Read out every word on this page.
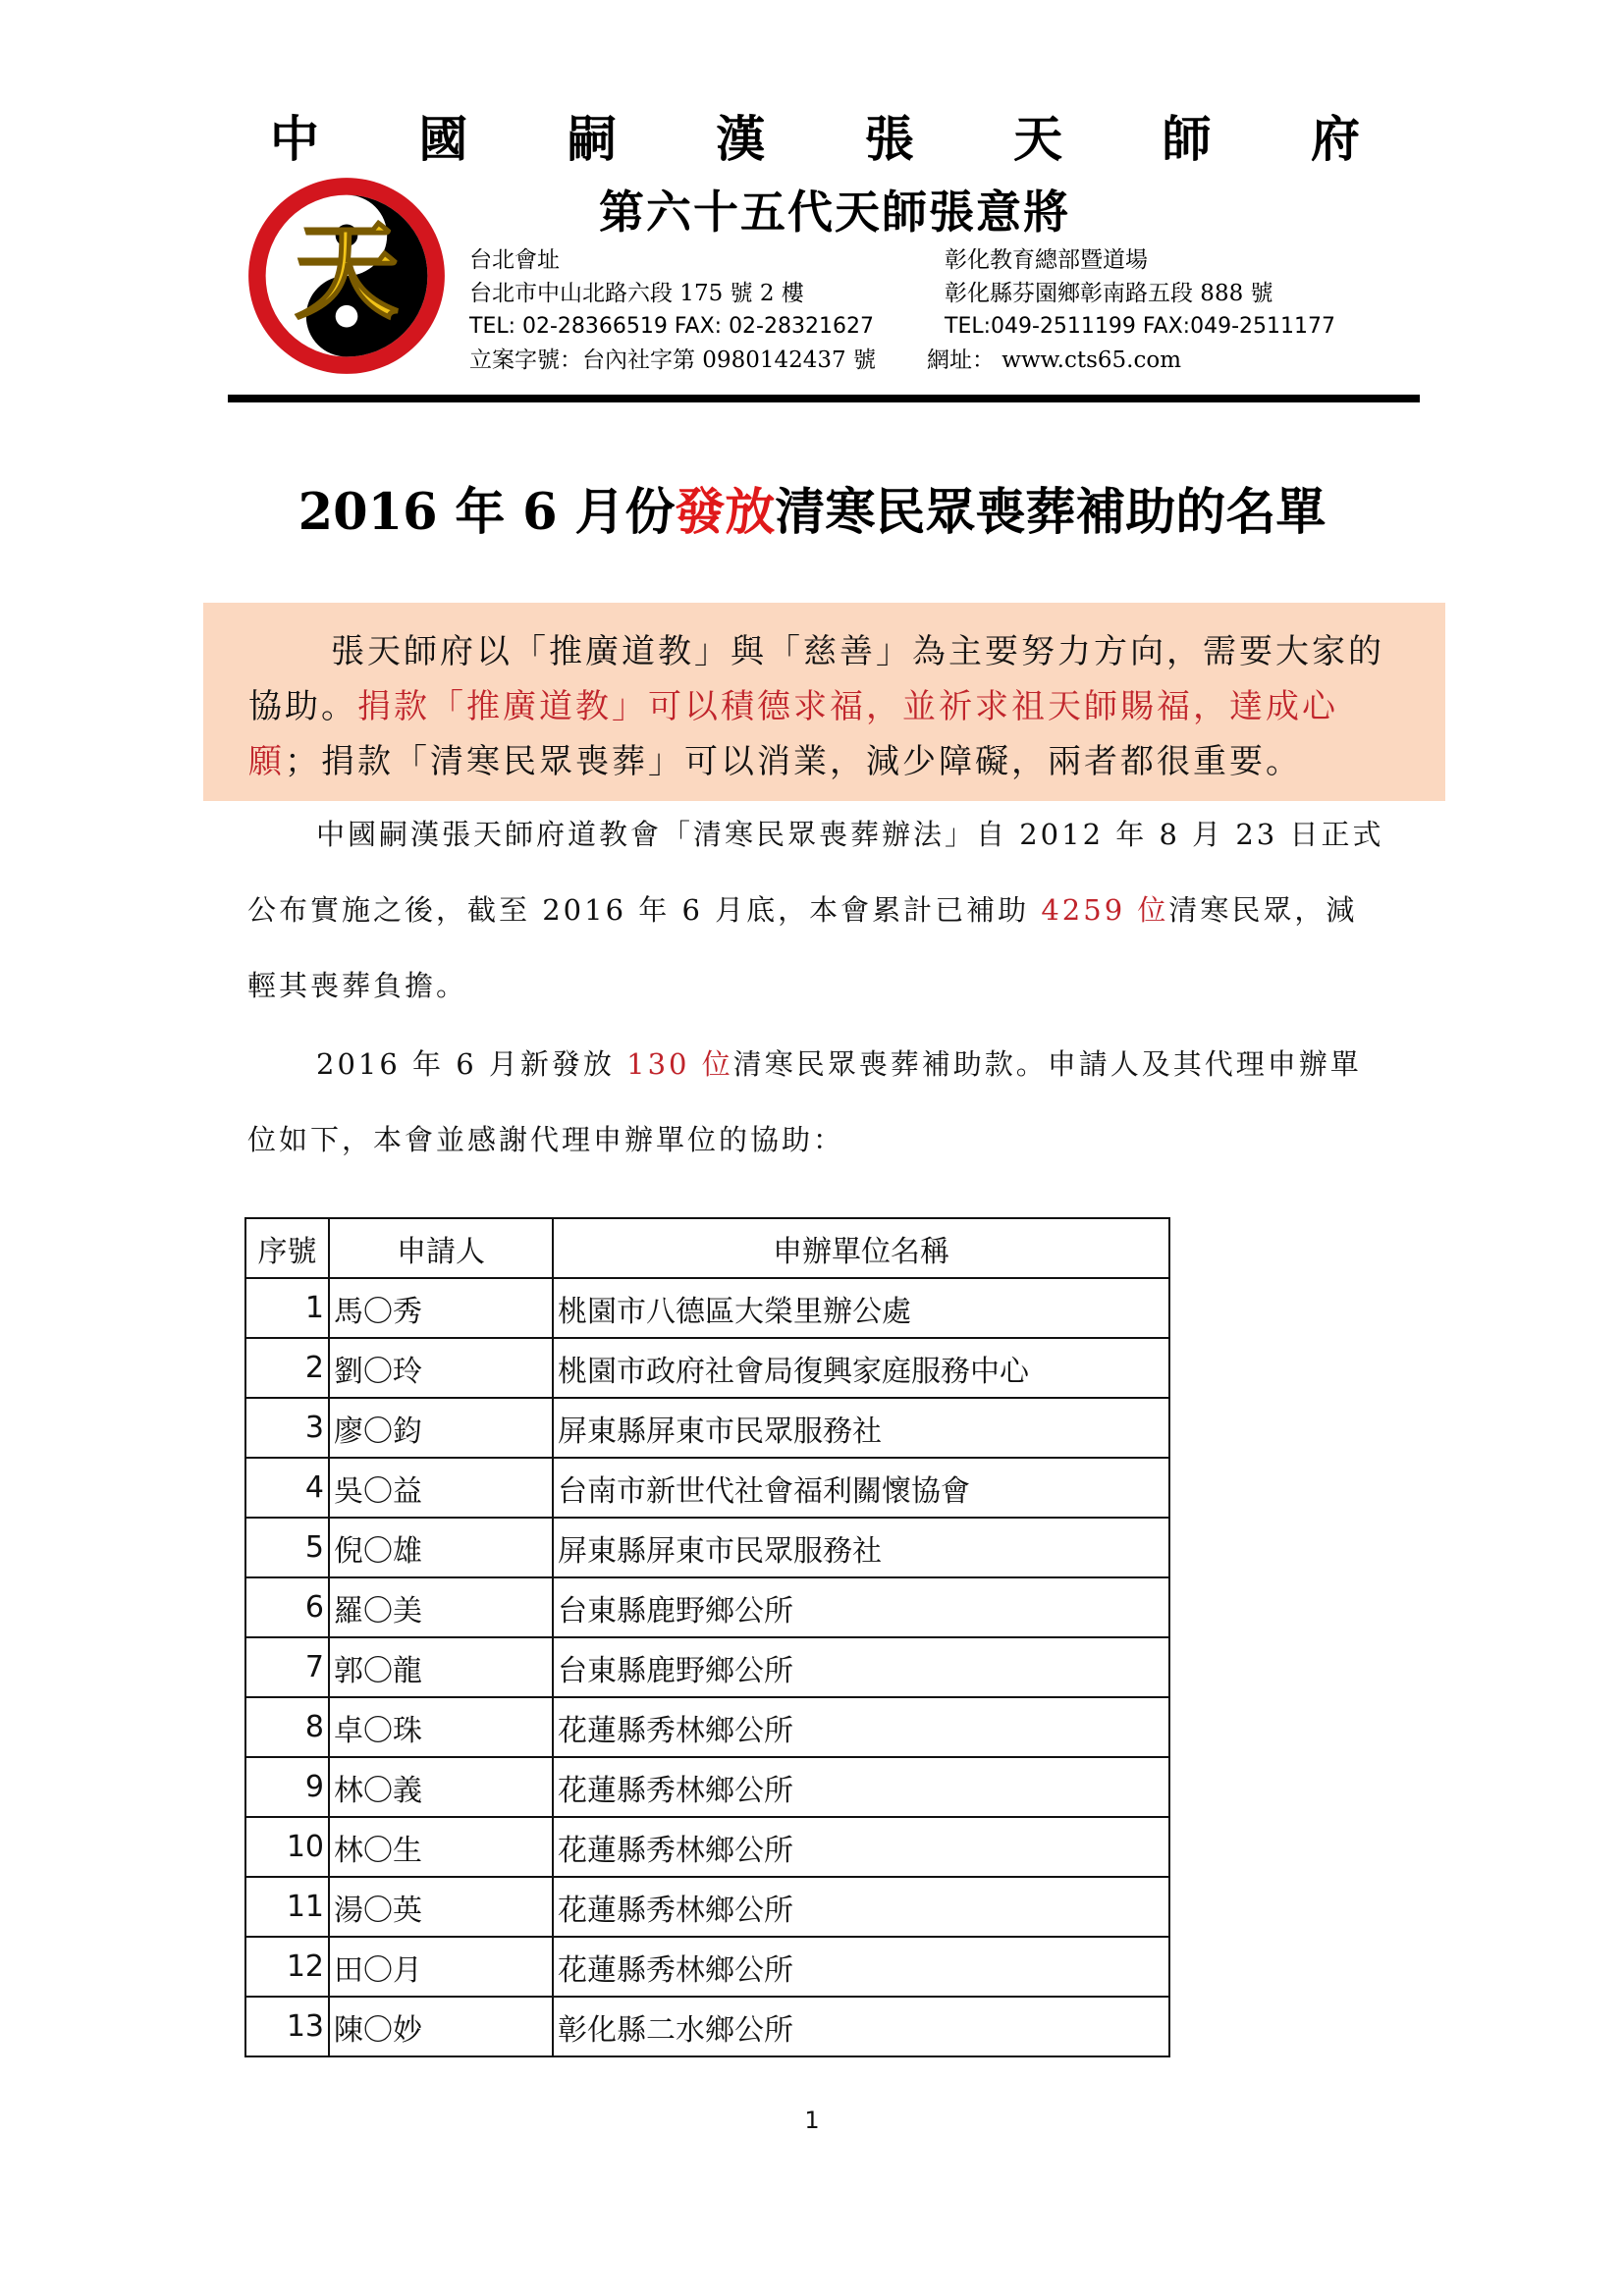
中 國 嗣 漢 張 天 師 府
天	第六十五代天師張意將
台北會址
台北市中山北路六段 175 號 2 樓
TEL: 02-28366519 FAX: 02-28321627
立案字號：台內社字第 0980142437 號
彰化教育總部暨道場
彰化縣芬園鄉彰南路五段 888 號
TEL:049-2511199 FAX:049-2511177
網址： www.cts65.com
2016 年 6 月份發放清寒民眾喪葬補助的名單
張天師府以「推廣道教」與「慈善」為主要努力方向，需要大家的協助。捐款「推廣道教」可以積德求福，並祈求祖天師賜福，達成心願；捐款「清寒民眾喪葬」可以消業，減少障礙，兩者都很重要。
中國嗣漢張天師府道教會「清寒民眾喪葬辦法」自 2012 年 8 月 23 日正式公布實施之後，截至 2016 年 6 月底，本會累計已補助 4259 位清寒民眾，減輕其喪葬負擔。
2016 年 6 月新發放 130 位清寒民眾喪葬補助款。申請人及其代理申辦單位如下，本會並感謝代理申辦單位的協助：
序號	申請人	申辦單位名稱
1	馬〇秀	桃園市八德區大榮里辦公處
2	劉〇玲	桃園市政府社會局復興家庭服務中心
3	廖〇鈞	屏東縣屏東市民眾服務社
4	吳〇益	台南市新世代社會福利關懷協會
5	倪〇雄	屏東縣屏東市民眾服務社
6	羅〇美	台東縣鹿野鄉公所
7	郭〇龍	台東縣鹿野鄉公所
8	卓〇珠	花蓮縣秀林鄉公所
9	林〇義	花蓮縣秀林鄉公所
10	林〇生	花蓮縣秀林鄉公所
11	湯〇英	花蓮縣秀林鄉公所
12	田〇月	花蓮縣秀林鄉公所
13	陳〇妙	彰化縣二水鄉公所
1
